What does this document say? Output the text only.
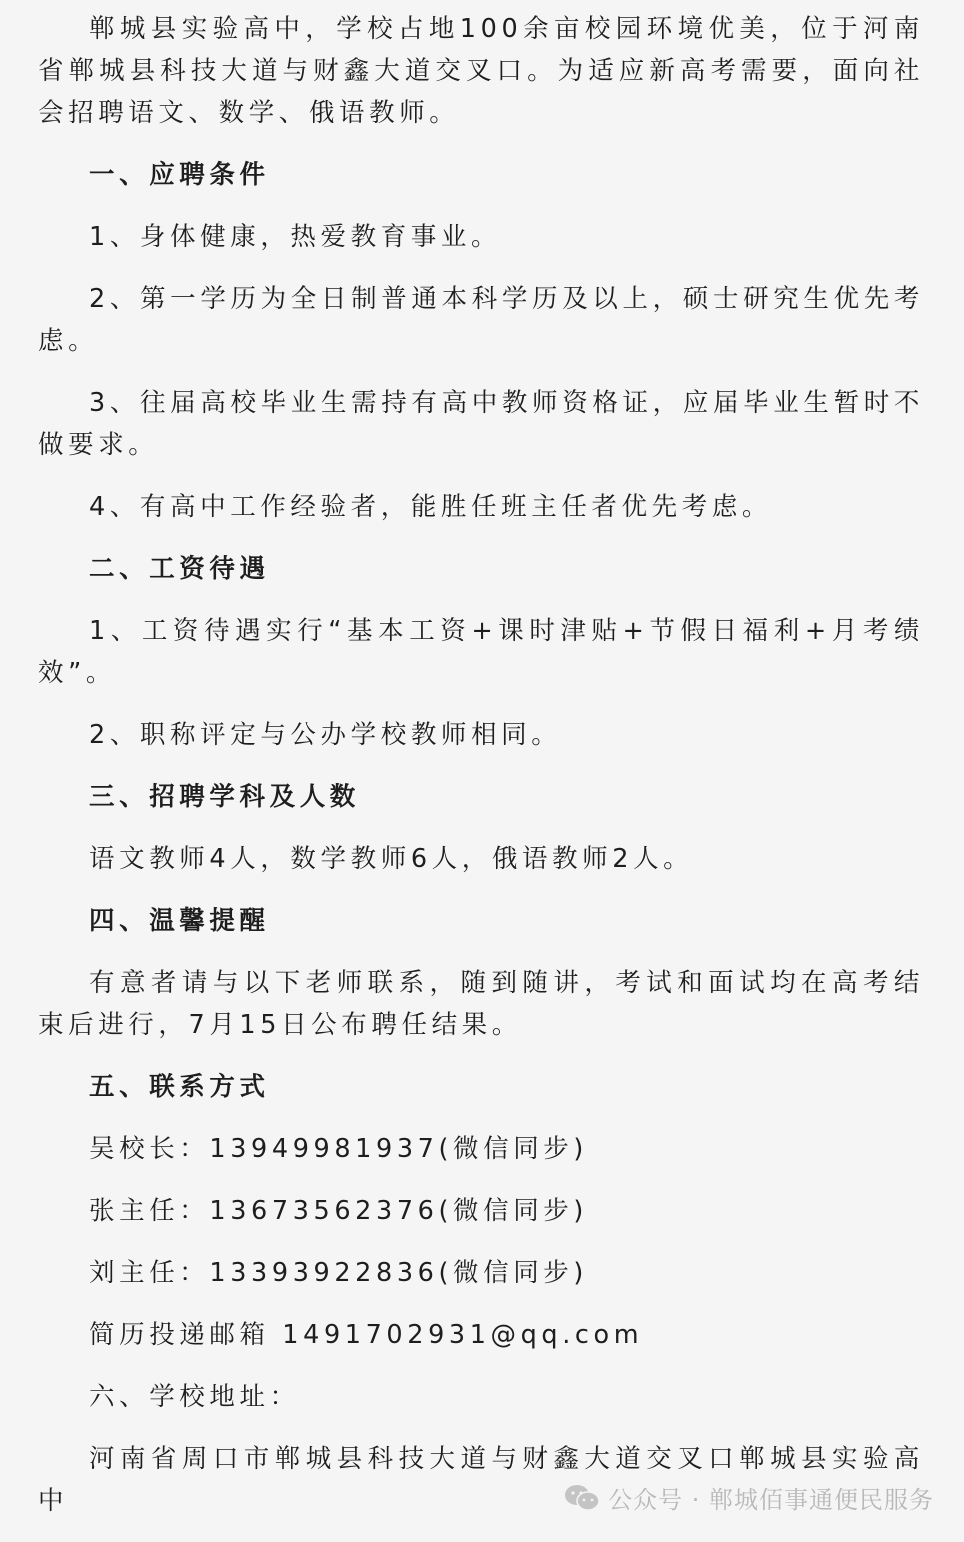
郸城县实验高中，学校占地100余亩校园环境优美，位于河南省郸城县科技大道与财鑫大道交叉口。为适应新高考需要，面向社会招聘语文、数学、俄语教师。

一、应聘条件

1、身体健康，热爱教育事业。

2、第一学历为全日制普通本科学历及以上，硕士研究生优先考虑。

3、往届高校毕业生需持有高中教师资格证，应届毕业生暂时不做要求。

4、有高中工作经验者，能胜任班主任者优先考虑。

二、工资待遇

1、工资待遇实行“基本工资+课时津贴+节假日福利+月考绩效”。

2、职称评定与公办学校教师相同。

三、招聘学科及人数

语文教师4人，数学教师6人，俄语教师2人。

四、温馨提醒

有意者请与以下老师联系，随到随讲，考试和面试均在高考结束后进行，7月15日公布聘任结果。

五、联系方式

吴校长：13949981937(微信同步)

张主任：13673562376(微信同步)

刘主任：13393922836(微信同步)

简历投递邮箱 1491702931@qq.com

六、学校地址：

河南省周口市郸城县科技大道与财鑫大道交叉口郸城县实验高中	公众号 · 郸城佰事通便民服务
